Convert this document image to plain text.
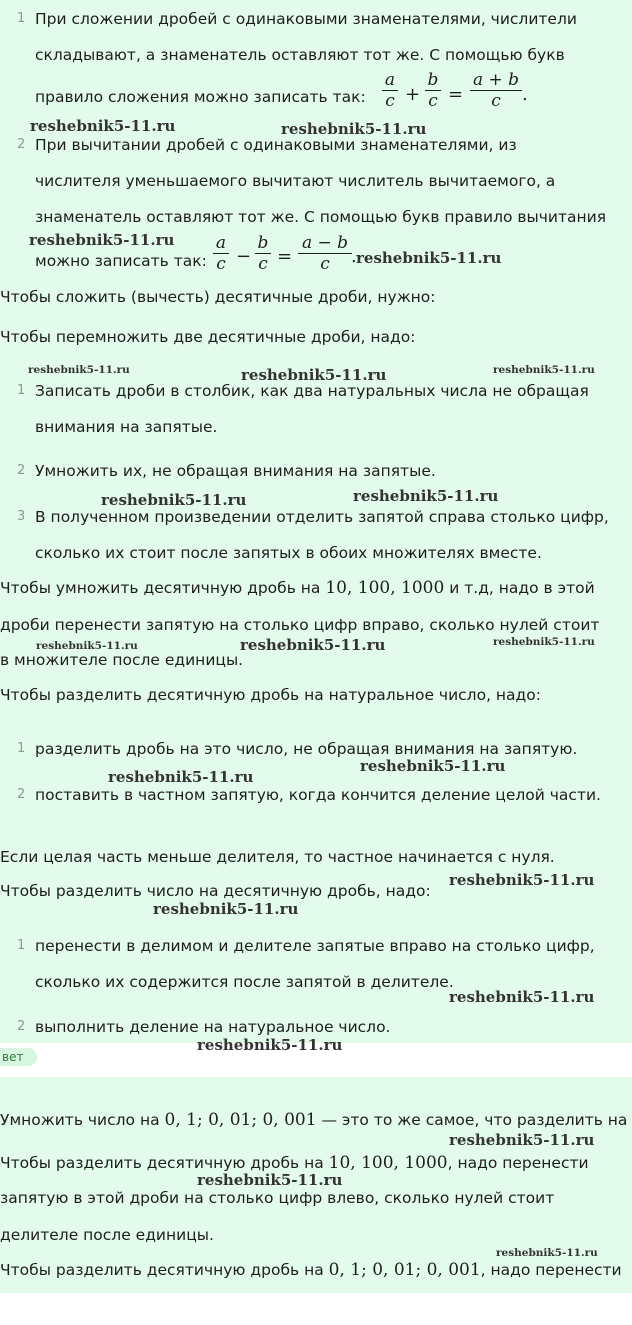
1 При сложении дробей с одинаковыми знаменателями, числители
складывают, а знаменатель оставляют тот же. С помощью букв
правило сложения можно записать так: $\frac{a}{c} + \frac{b}{c} = \frac{a + b}{c}$ .
reshebnik5-11.ru	reshebnik5-11.ru
2 При вычитании дробей с одинаковыми знаменателями, из
числителя уменьшаемого вычитают числитель вычитаемого, а
знаменатель оставляют тот же. С помощью букв правило вычитания
reshebnik5-11.ru
можно записать так: $\frac{a}{c} - \frac{b}{c} = \frac{a - b}{c}$ . reshebnik5-11.ru
Чтобы сложить (вычесть) десятичные дроби, нужно:
Чтобы перемножить две десятичные дроби, надо:
reshebnik5-11.ru	reshebnik5-11.ru	reshebnik5-11.ru
1 Записать дроби в столбик, как два натуральных числа не обращая
внимания на запятые.
2 Умножить их, не обращая внимания на запятые.
reshebnik5-11.ru	reshebnik5-11.ru
3 В полученном произведении отделить запятой справа столько цифр,
сколько их стоит после запятых в обоих множителях вместе.
Чтобы умножить десятичную дробь на 10, 100, 1000 и т.д, надо в этой
дроби перенести запятую на столько цифр вправо, сколько нулей стоит
reshebnik5-11.ru	reshebnik5-11.ru	reshebnik5-11.ru
в множителе после единицы.
Чтобы разделить десятичную дробь на натуральное число, надо:
1 разделить дробь на это число, не обращая внимания на запятую.
reshebnik5-11.ru
reshebnik5-11.ru
2 поставить в частном запятую, когда кончится деление целой части.
Если целая часть меньше делителя, то частное начинается с нуля.
reshebnik5-11.ru
Чтобы разделить число на десятичную дробь, надо:
reshebnik5-11.ru
1 перенести в делимом и делителе запятые вправо на столько цифр,
сколько их содержится после запятой в делителе.
reshebnik5-11.ru
2 выполнить деление на натуральное число.
вет
reshebnik5-11.ru
Умножить число на 0, 1; 0, 01; 0, 001 — это то же самое, что разделить на
reshebnik5-11.ru
Чтобы разделить десятичную дробь на 10, 100, 1000, надо перенести
reshebnik5-11.ru
запятую в этой дроби на столько цифр влево, сколько нулей стоит
делителе после единицы.
reshebnik5-11.ru
Чтобы разделить десятичную дробь на 0, 1; 0, 01; 0, 001, надо перенести
